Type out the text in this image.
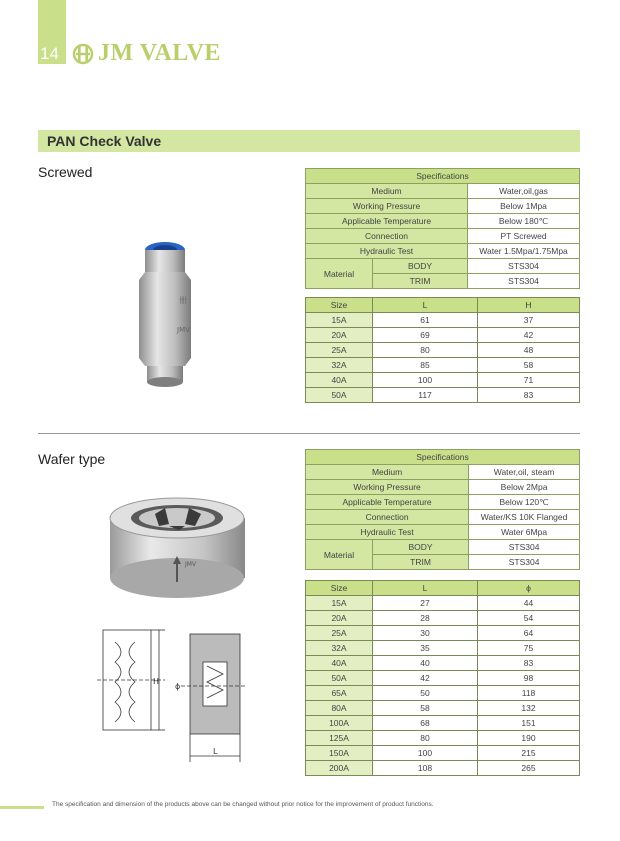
14 JM VALVE
PAN Check Valve
Screwed
卌
JMV
Specifications		
Medium		Water,oil,gas
Working Pressure		Below 1Mpa
Applicable Temperature		Below 180℃
Connection		PT Screwed
Hydraulic Test		Water 1.5Mpa/1.75Mpa
Material	BODY	STS304
	TRIM	STS304
Size	L	H
15A	61	37
20A	69	42
25A	80	48
32A	85	58
40A	100	71
50A	117	83
Wafer type
JMV
H
ϕ
L
Specifications		
Medium		Water,oil, steam
Working Pressure		Below 2Mpa
Applicable Temperature		Below 120℃
Connection		Water/KS 10K Flanged
Hydraulic Test		Water 6Mpa
Material	BODY	STS304
	TRIM	STS304
Size	L	ϕ
15A	27	44
20A	28	54
25A	30	64
32A	35	75
40A	40	83
50A	42	98
65A	50	118
80A	58	132
100A	68	151
125A	80	190
150A	100	215
200A	108	265
The specification and dimension of the products above can be changed without prior notice for the improvement of product functions.
